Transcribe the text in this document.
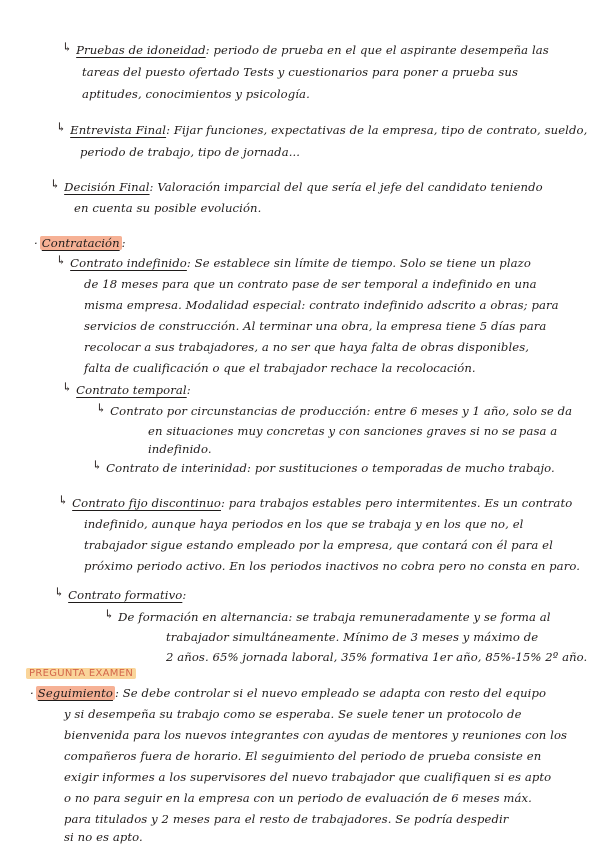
↳ Pruebas de idoneidad: periodo de prueba en el que el aspirante desempeña las
tareas del puesto ofertado Tests y cuestionarios para poner a prueba sus
aptitudes, conocimientos y psicología.
↳ Entrevista Final: Fijar funciones, expectativas de la empresa, tipo de contrato, sueldo,
periodo de trabajo, tipo de jornada...
↳ Decisión Final: Valoración imparcial del que sería el jefe del candidato teniendo
en cuenta su posible evolución.
· Contratación :
↳ Contrato indefinido: Se establece sin límite de tiempo. Solo se tiene un plazo
de 18 meses para que un contrato pase de ser temporal a indefinido en una
misma empresa. Modalidad especial: contrato indefinido adscrito a obras; para
servicios de construcción. Al terminar una obra, la empresa tiene 5 días para
recolocar a sus trabajadores, a no ser que haya falta de obras disponibles,
falta de cualificación o que el trabajador rechace la recolocación.
↳ Contrato temporal:
↳ Contrato por circunstancias de producción: entre 6 meses y 1 año, solo se da
en situaciones muy concretas y con sanciones graves si no se pasa a
indefinido.
↳ Contrato de interinidad: por sustituciones o temporadas de mucho trabajo.
↳ Contrato fijo discontinuo: para trabajos estables pero intermitentes. Es un contrato
indefinido, aunque haya periodos en los que se trabaja y en los que no, el
trabajador sigue estando empleado por la empresa, que contará con él para el
próximo periodo activo. En los periodos inactivos no cobra pero no consta en paro.
↳ Contrato formativo:
↳ De formación en alternancia: se trabaja remuneradamente y se forma al
trabajador simultáneamente. Mínimo de 3 meses y máximo de
2 años. 65% jornada laboral, 35% formativa 1er año, 85%-15% 2º año.
PREGUNTA EXAMEN
· Seguimiento : Se debe controlar si el nuevo empleado se adapta con resto del equipo
y si desempeña su trabajo como se esperaba. Se suele tener un protocolo de
bienvenida para los nuevos integrantes con ayudas de mentores y reuniones con los
compañeros fuera de horario. El seguimiento del periodo de prueba consiste en
exigir informes a los supervisores del nuevo trabajador que cualifiquen si es apto
o no para seguir en la empresa con un periodo de evaluación de 6 meses máx.
para titulados y 2 meses para el resto de trabajadores. Se podría despedir
si no es apto.
